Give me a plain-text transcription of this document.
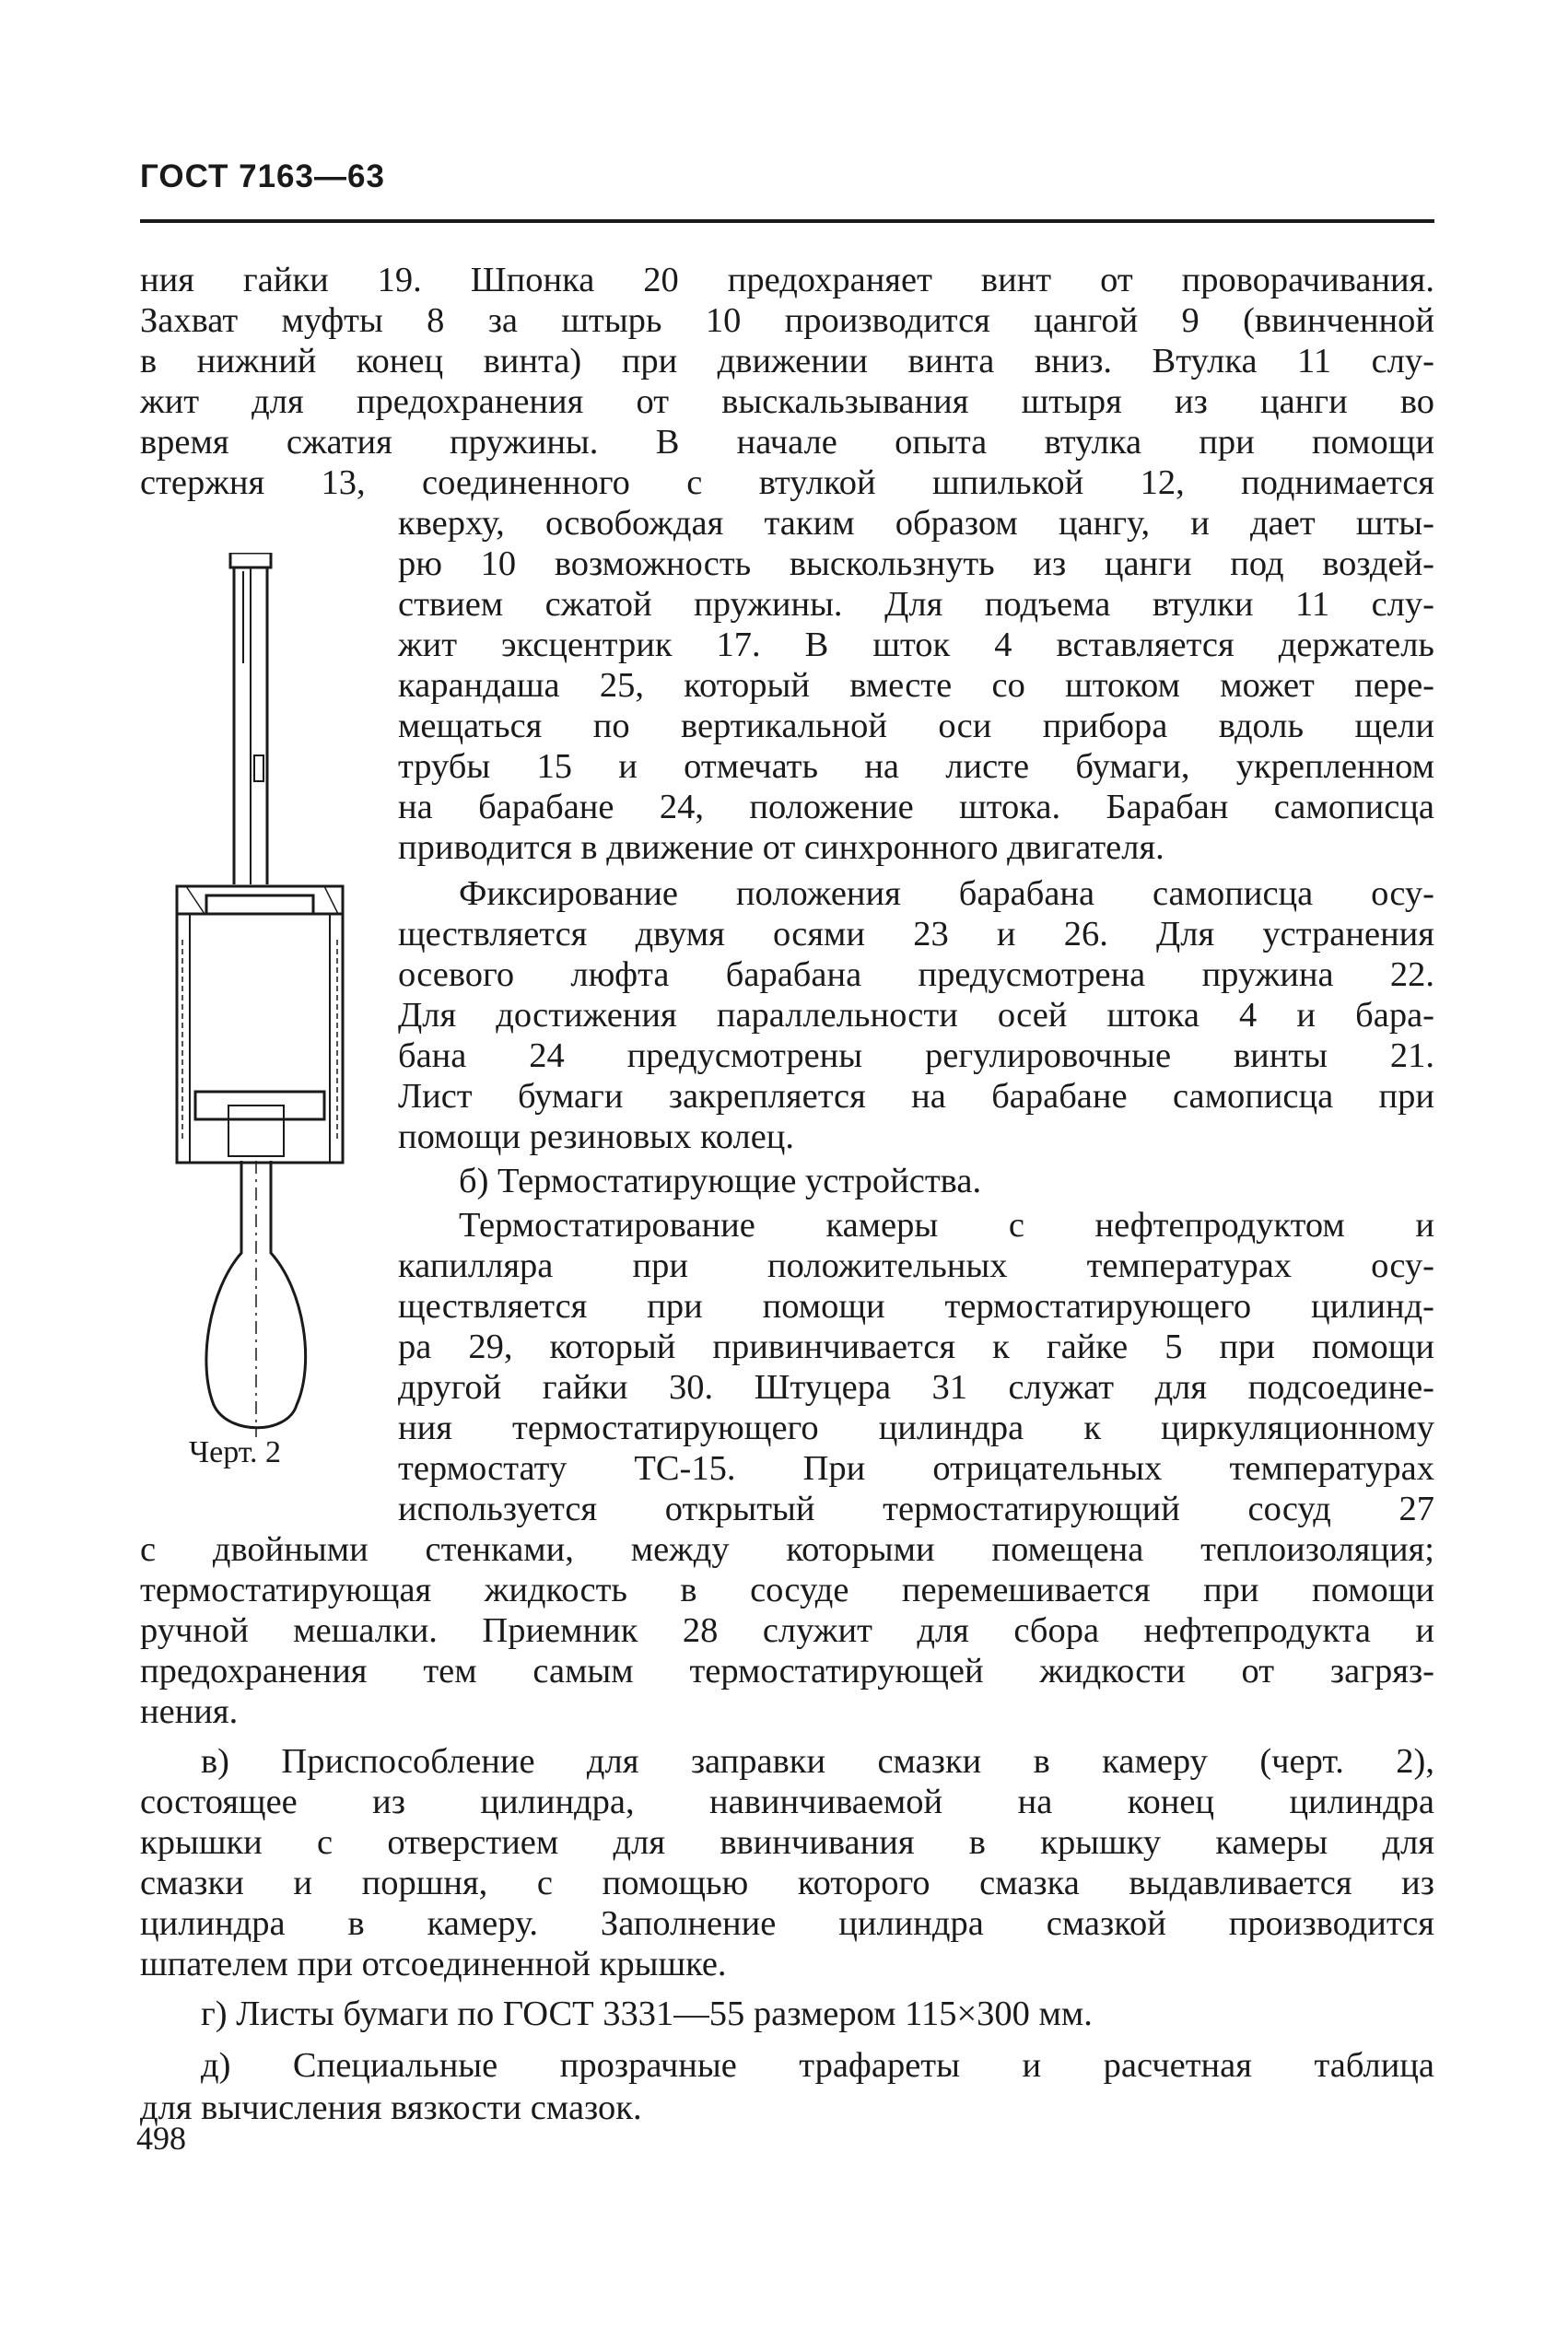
ГОСТ 7163—63
Черт. 2
ния гайки 19. Шпонка 20 предохраняет винт от проворачивания.
Захват муфты 8 за штырь 10 производится цангой 9 (ввинченной
в нижний конец винта) при движении винта вниз. Втулка 11 слу-
жит для предохранения от выскальзывания штыря из цанги во
время сжатия пружины. В начале опыта втулка при помощи
стержня 13, соединенного с втулкой шпилькой 12, поднимается
кверху, освобождая таким образом цангу, и дает шты-
рю 10 возможность выскользнуть из цанги под воздей-
ствием сжатой пружины. Для подъема втулки 11 слу-
жит эксцентрик 17. В шток 4 вставляется держатель
карандаша 25, который вместе со штоком может пере-
мещаться по вертикальной оси прибора вдоль щели
трубы 15 и отмечать на листе бумаги, укрепленном
на барабане 24, положение штока. Барабан самописца
приводится в движение от синхронного двигателя.
Фиксирование положения барабана самописца осу-
ществляется двумя осями 23 и 26. Для устранения
осевого люфта барабана предусмотрена пружина 22.
Для достижения параллельности осей штока 4 и бара-
бана 24 предусмотрены регулировочные винты 21.
Лист бумаги закрепляется на барабане самописца при
помощи резиновых колец.
б) Термостатирующие устройства.
Термостатирование камеры с нефтепродуктом и
капилляра при положительных температурах осу-
ществляется при помощи термостатирующего цилинд-
ра 29, который привинчивается к гайке 5 при помощи
другой гайки 30. Штуцера 31 служат для подсоедине-
ния термостатирующего цилиндра к циркуляционному
термостату ТС-15. При отрицательных температурах
используется открытый термостатирующий сосуд 27
с двойными стенками, между которыми помещена теплоизоляция;
термостатирующая жидкость в сосуде перемешивается при помощи
ручной мешалки. Приемник 28 служит для сбора нефтепродукта и
предохранения тем самым термостатирующей жидкости от загряз-
нения.
в) Приспособление для заправки смазки в камеру (черт. 2),
состоящее из цилиндра, навинчиваемой на конец цилиндра
крышки с отверстием для ввинчивания в крышку камеры для
смазки и поршня, с помощью которого смазка выдавливается из
цилиндра в камеру. Заполнение цилиндра смазкой производится
шпателем при отсоединенной крышке.
г) Листы бумаги по ГОСТ 3331—55 размером 115×300 мм.
д) Специальные прозрачные трафареты и расчетная таблица
для вычисления вязкости смазок.
498
